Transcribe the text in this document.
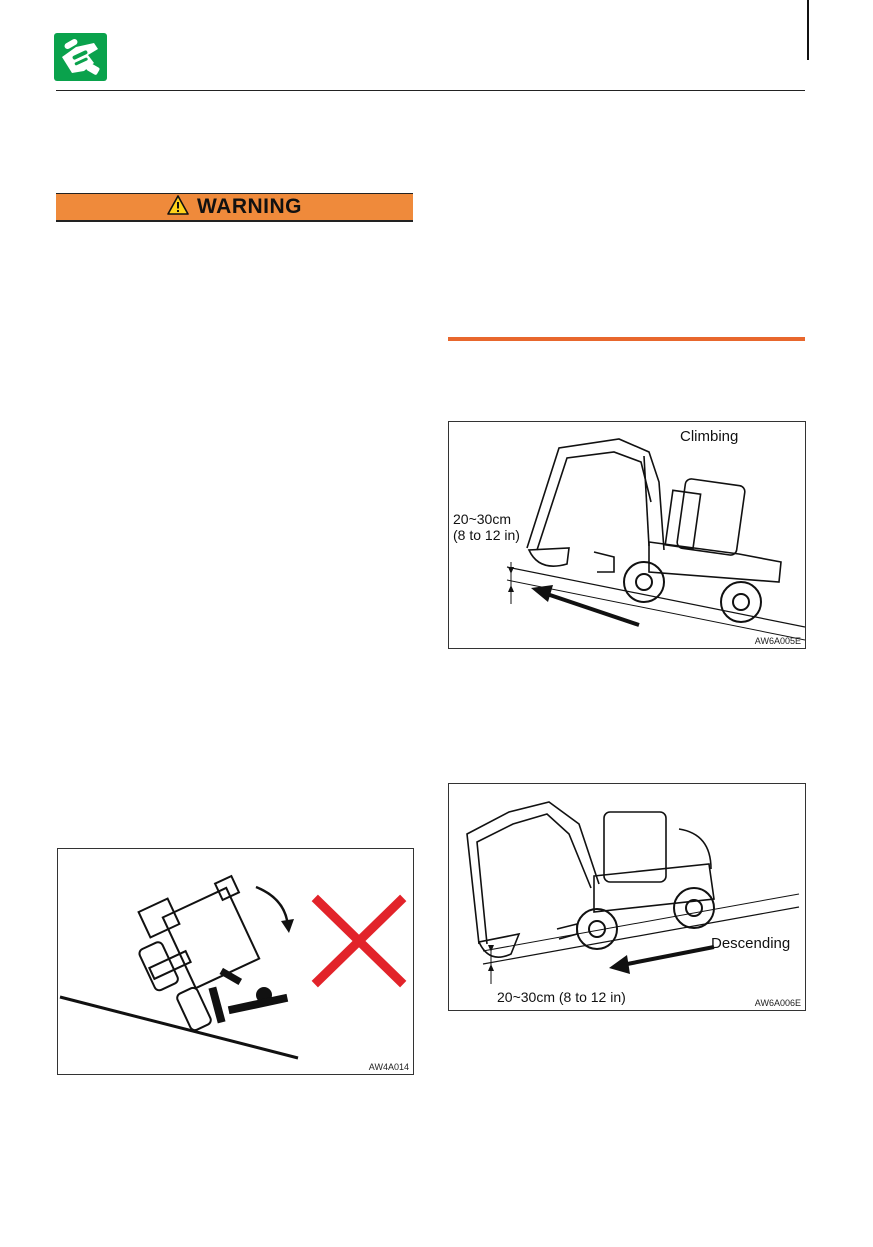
WARNING
AW4A014
Climbing
20~30cm
(8 to 12 in)
AW6A005E
Descending
20~30cm (8 to 12 in)	AW6A006E
